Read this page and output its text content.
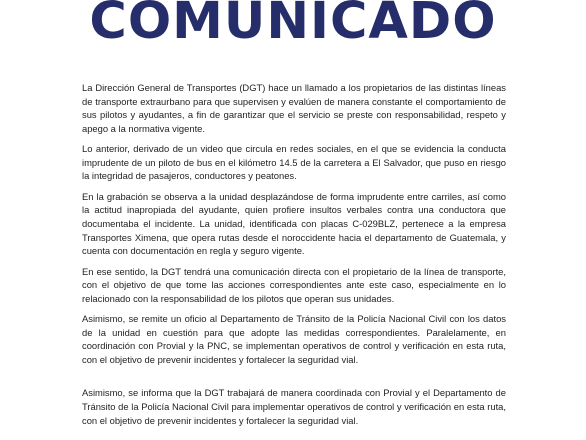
COMUNICADO

La Dirección General de Transportes (DGT) hace un llamado a los propietarios de las distintas líneas de transporte extraurbano para que supervisen y evalúen de manera constante el comportamiento de sus pilotos y ayudantes, a fin de garantizar que el servicio se preste con responsabilidad, respeto y apego a la normativa vigente.

Lo anterior, derivado de un video que circula en redes sociales, en el que se evidencia la conducta imprudente de un piloto de bus en el kilómetro 14.5 de la carretera a El Salvador, que puso en riesgo la integridad de pasajeros, conductores y peatones.

En la grabación se observa a la unidad desplazándose de forma imprudente entre carriles, así como la actitud inapropiada del ayudante, quien profiere insultos verbales contra una conductora que documentaba el incidente. La unidad, identificada con placas C-029BLZ, pertenece a la empresa Transportes Ximena, que opera rutas desde el noroccidente hacia el departamento de Guatemala, y cuenta con documentación en regla y seguro vigente.

En ese sentido, la DGT tendrá una comunicación directa con el propietario de la línea de transporte, con el objetivo de que tome las acciones correspondientes ante este caso, especialmente en lo relacionado con la responsabilidad de los pilotos que operan sus unidades.

Asimismo, se remite un oficio al Departamento de Tránsito de la Policía Nacional Civil con los datos de la unidad en cuestión para que adopte las medidas correspondientes. Paralelamente, en coordinación con Provial y la PNC, se implementan operativos de control y verificación en esta ruta, con el objetivo de prevenir incidentes y fortalecer la seguridad vial.

Asimismo, se informa que la DGT trabajará de manera coordinada con Provial y el Departamento de Tránsito de la Policía Nacional Civil para implementar operativos de control y verificación en esta ruta, con el objetivo de prevenir incidentes y fortalecer la seguridad vial.
